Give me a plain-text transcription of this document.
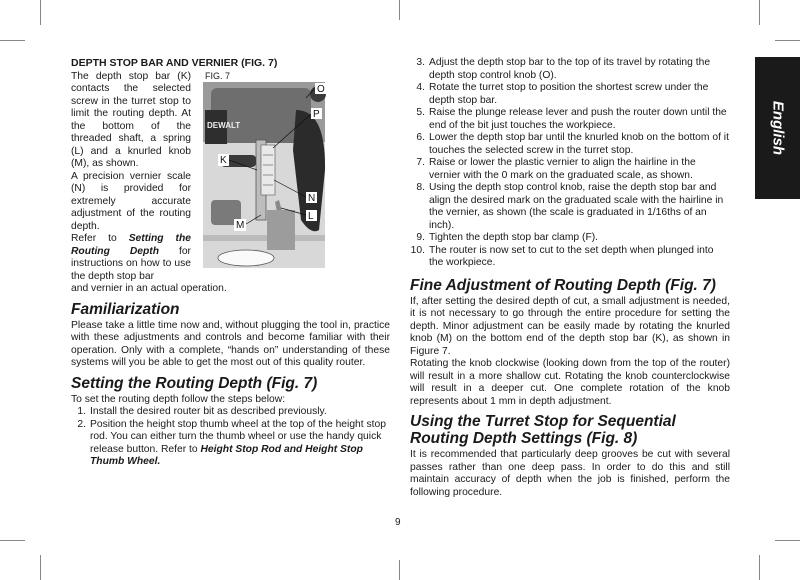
FIG. 7
DEWALT
O
P
K
N
L
M
DEPTH STOP BAR AND VERNIER (FIG. 7)

The depth stop bar (K) contacts the selected screw in the turret stop to limit the routing depth. At the bottom of the threaded shaft, a spring (L) and a knurled knob (M), as shown.

A precision vernier scale (N) is provided for extremely accurate adjustment of the routing depth.

Refer to Setting the Routing Depth for instructions on how to use the depth stop bar

and vernier in an actual operation.

Familiarization

Please take a little time now and, without plugging the tool in, practice with these adjustments and controls and become familiar with their operation. Only with a complete, “hands on” understanding of these systems will you be able to get the most out of this quality router.

Setting the Routing Depth (Fig. 7)

To set the routing depth follow the steps below:

1. Install the desired router bit as described previously.
2. Position the height stop thumb wheel at the top of the height stop rod. You can either turn the thumb wheel or use the handy quick release button. Refer to Height Stop Rod and Height Stop Thumb Wheel.
3. Adjust the depth stop bar to the top of its travel by rotating the depth stop control knob (O).
4. Rotate the turret stop to position the shortest screw under the depth stop bar.
5. Raise the plunge release lever and push the router down until the end of the bit just touches the workpiece.
6. Lower the depth stop bar until the knurled knob on the bottom of it touches the selected screw in the turret stop.
7. Raise or lower the plastic vernier to align the hairline in the vernier with the 0 mark on the graduated scale, as shown.
8. Using the depth stop control knob, raise the depth stop bar and align the desired mark on the graduated scale with the hairline in the vernier, as shown (the scale is graduated in 1/16ths of an inch).
9. Tighten the depth stop bar clamp (F).
10. The router is now set to cut to the set depth when plunged into the workpiece.
Fine Adjustment of Routing Depth (Fig. 7)

If, after setting the desired depth of cut, a small adjustment is needed, it is not necessary to go through the entire procedure for setting the depth. Minor adjustment can be easily made by rotating the knurled knob (M) on the bottom end of the depth stop bar (K), as shown in Figure 7.

Rotating the knob clockwise (looking down from the top of the router) will result in a more shallow cut. Rotating the knob counterclockwise will result in a deeper cut. One complete rotation of the knob represents about 1 mm in depth adjustment.

Using the Turret Stop for Sequential Routing Depth Settings (Fig. 8)

It is recommended that particularly deep grooves be cut with several passes rather than one deep pass. In order to do this and still maintain accuracy of depth when the job is finished, perform the following procedure.

English
9
